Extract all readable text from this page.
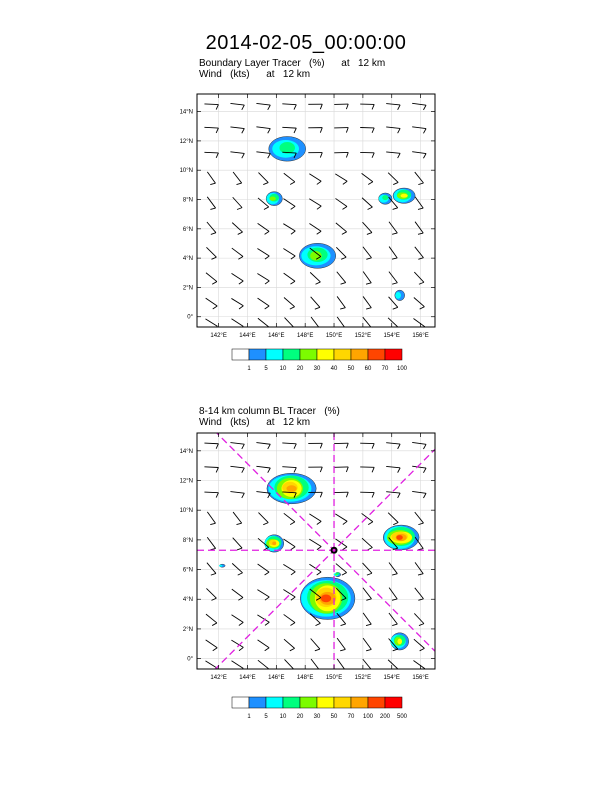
2014-02-05_00:00:00
Boundary Layer Tracer   (%)      at   12 km
Wind   (kts)      at   12 km
8-14 km column BL Tracer   (%)
Wind   (kts)      at   12 km
142°E 144°E 146°E 148°E 150°E 152°E 154°E 156°E
0°
2°N
4°N
6°N
8°N
10°N
12°N
14°N
1 5 10 20 30 40 50 60 70 100
142°E 144°E 146°E 148°E 150°E 152°E 154°E 156°E
0°
2°N
4°N
6°N
8°N
10°N
12°N
14°N
1 5 10 20 30 50 70 100 200 500
